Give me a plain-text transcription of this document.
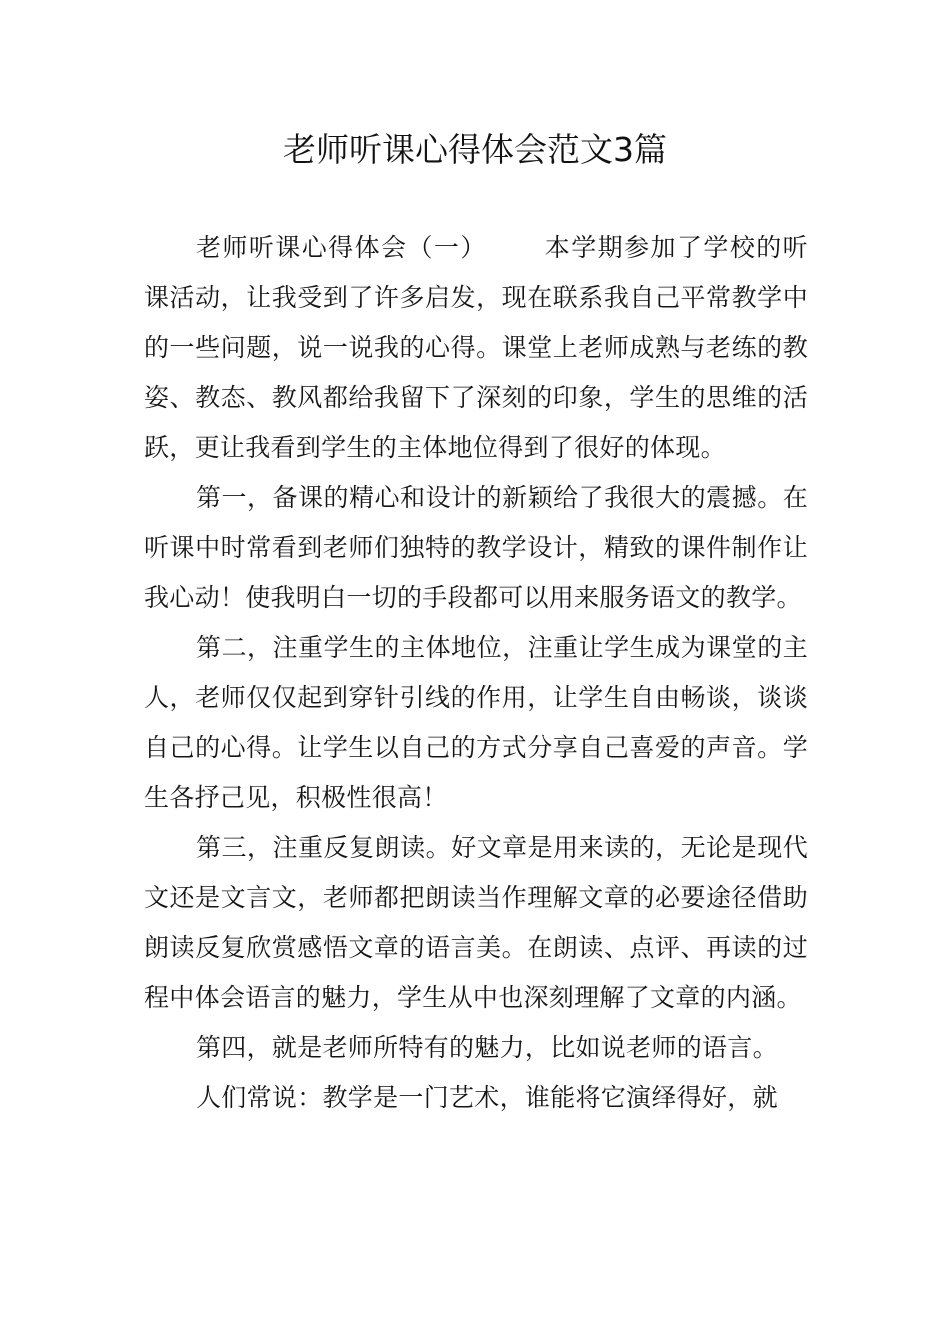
老师听课心得体会范文3篇

老师听课心得体会（一） 本学期参加了学校的听课活动，让我受到了许多启发，现在联系我自己平常教学中的一些问题，说一说我的心得。课堂上老师成熟与老练的教姿、教态、教风都给我留下了深刻的印象，学生的思维的活跃，更让我看到学生的主体地位得到了很好的体现。

第一，备课的精心和设计的新颖给了我很大的震撼。在听课中时常看到老师们独特的教学设计，精致的课件制作让我心动！使我明白一切的手段都可以用来服务语文的教学。

第二，注重学生的主体地位，注重让学生成为课堂的主人，老师仅仅起到穿针引线的作用，让学生自由畅谈，谈谈自己的心得。让学生以自己的方式分享自己喜爱的声音。学生各抒己见，积极性很高！

第三，注重反复朗读。好文章是用来读的，无论是现代文还是文言文，老师都把朗读当作理解文章的必要途径借助朗读反复欣赏感悟文章的语言美。在朗读、点评、再读的过程中体会语言的魅力，学生从中也深刻理解了文章的内涵。

第四，就是老师所特有的魅力，比如说老师的语言。

人们常说：教学是一门艺术，谁能将它演绎得好，就
